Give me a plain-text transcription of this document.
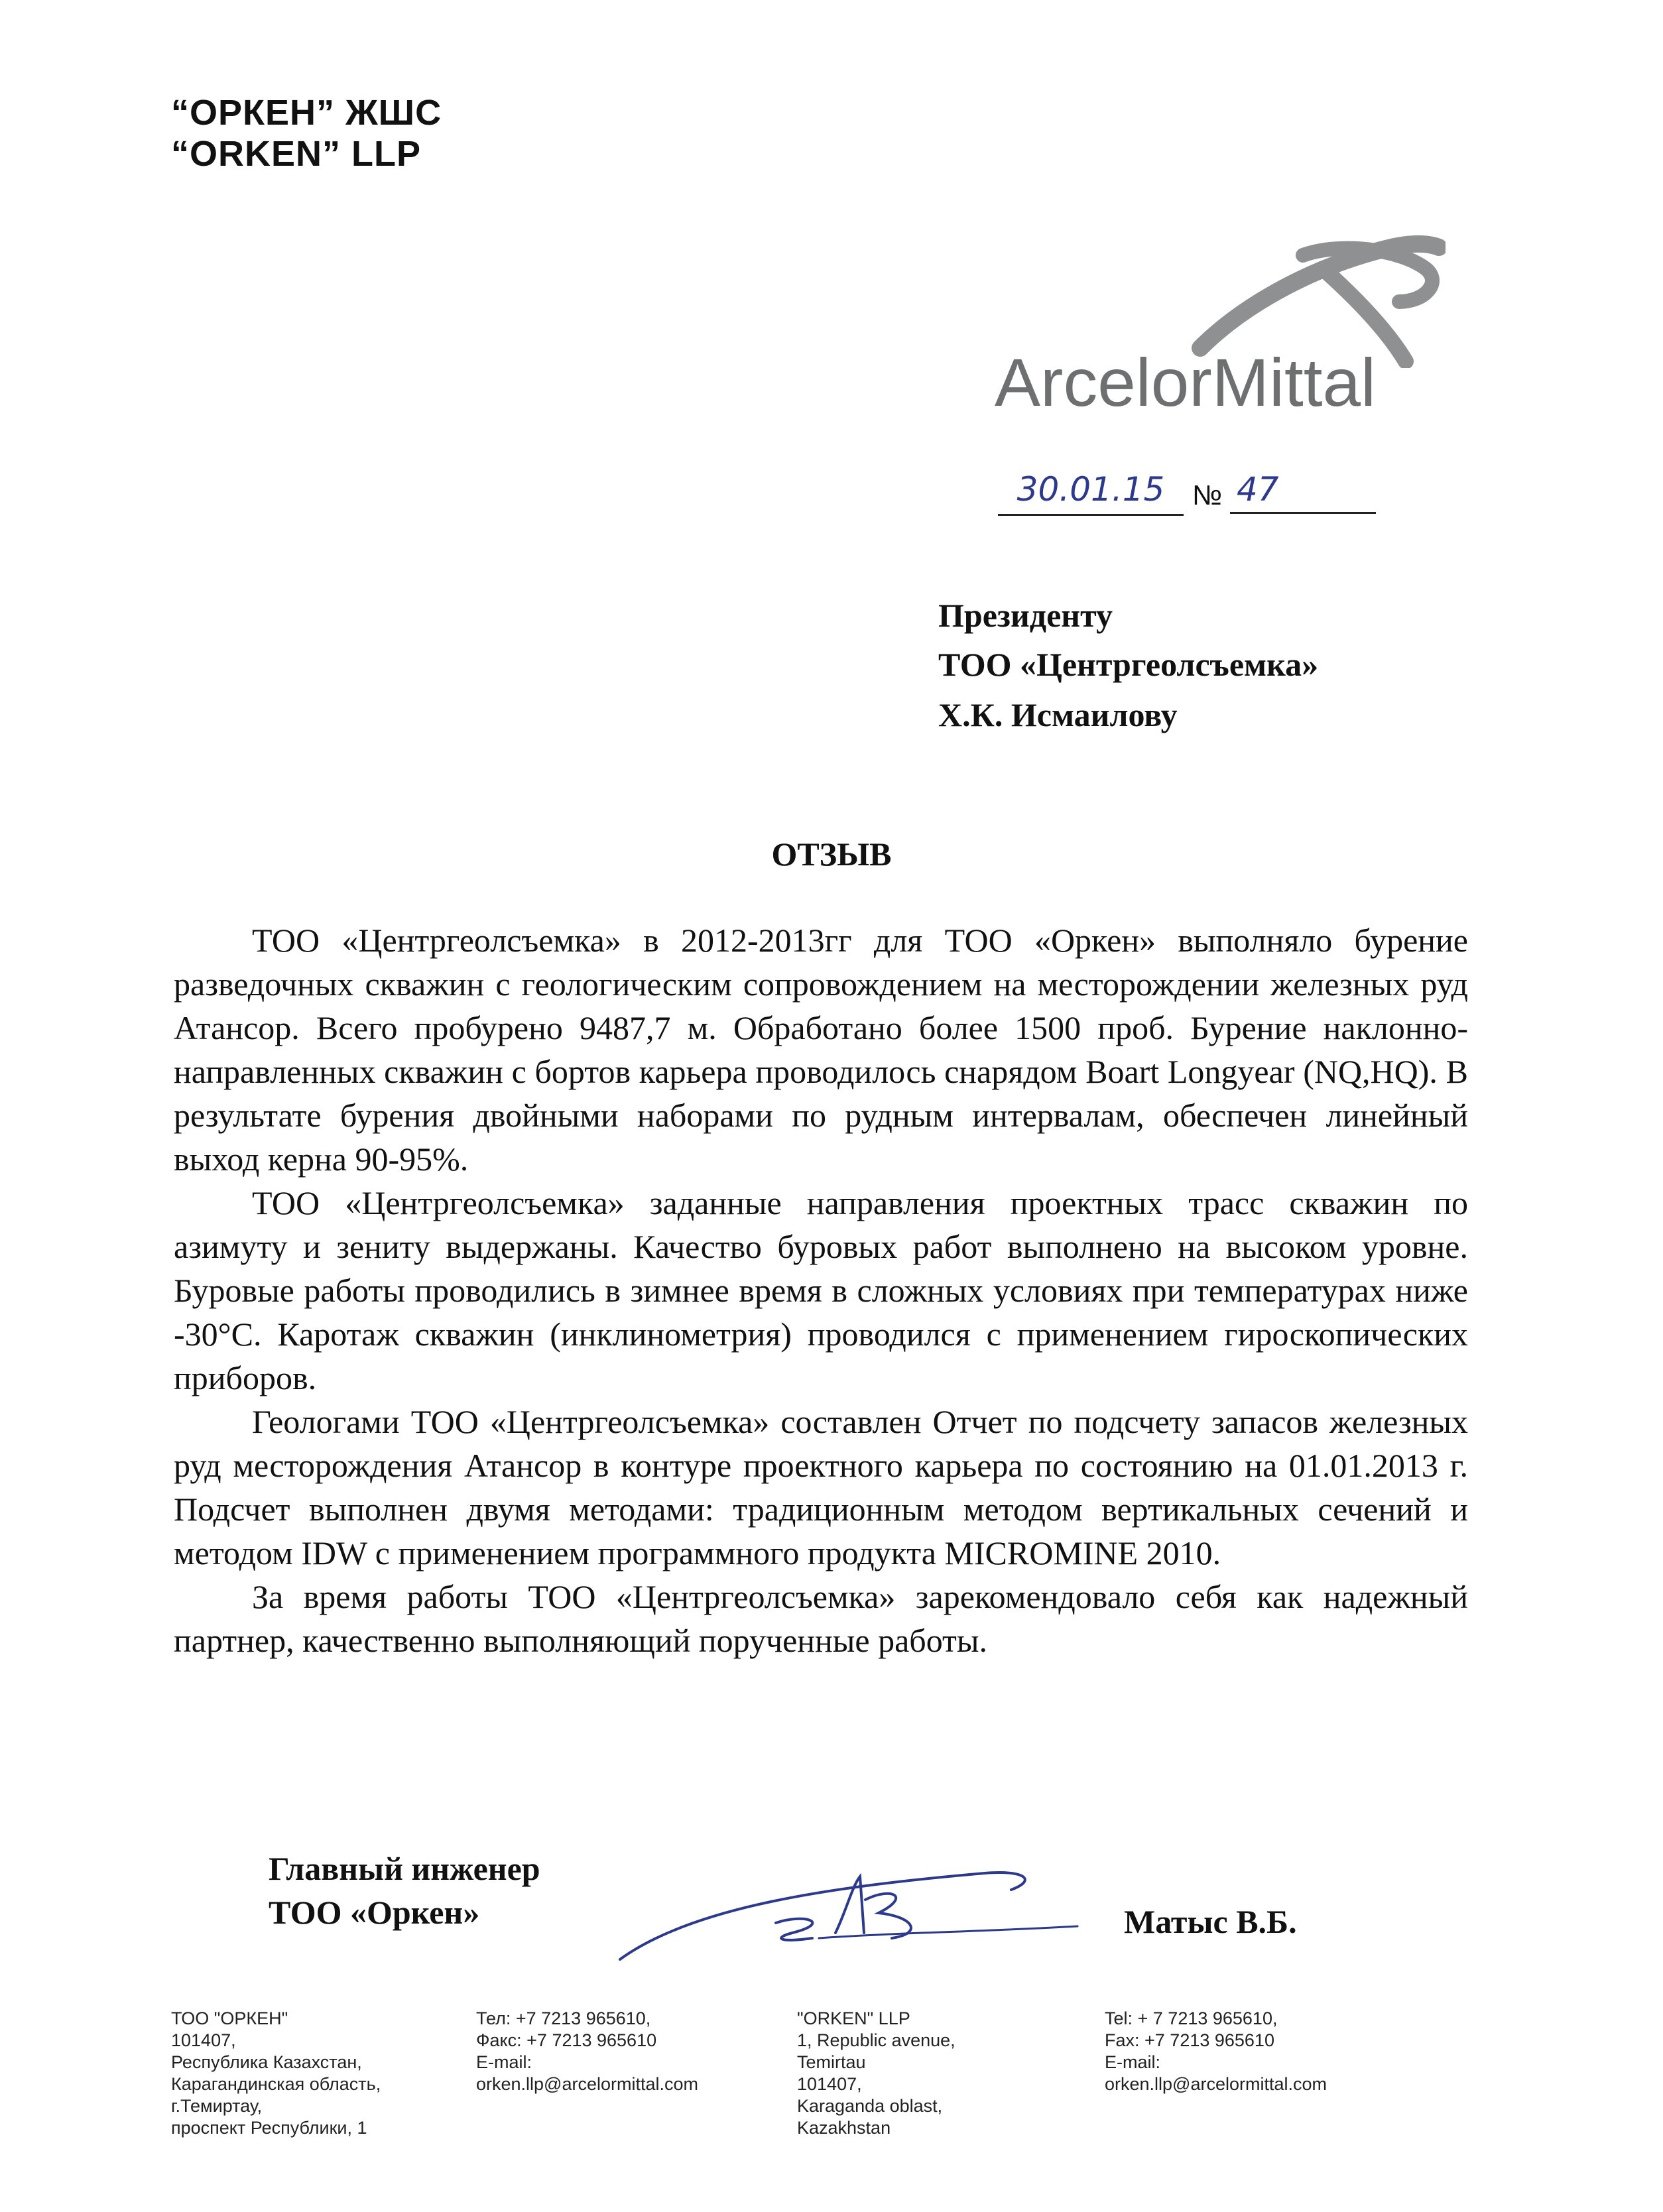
“ОРКЕН” ЖШС
“ORKEN” LLP
ArcelorMittal
30.01.15 № 47
Президенту
ТОО «Центргеолсъемка»
Х.К. Исмаилову
ОТЗЫВ

ТОО «Центргеолсъемка» в 2012-2013гг для ТОО «Оркен» выполняло бурение разведочных скважин с геологическим сопровождением на месторождении железных руд Атансор. Всего пробурено 9487,7 м. Обработано более 1500 проб. Бурение наклонно-направленных скважин с бортов карьера проводилось снарядом Boart Longyear (NQ,HQ). В результате бурения двойными наборами по рудным интервалам, обеспечен линейный выход керна 90-95%.

ТОО «Центргеолсъемка» заданные направления проектных трасс скважин по азимуту и зениту выдержаны. Качество буровых работ выполнено на высоком уровне. Буровые работы проводились в зимнее время в сложных условиях при температурах ниже -30°С. Каротаж скважин (инклинометрия) проводился с применением гироскопических приборов.

Геологами ТОО «Центргеолсъемка» составлен Отчет по подсчету запасов железных руд месторождения Атансор в контуре проектного карьера по состоянию на 01.01.2013 г. Подсчет выполнен двумя методами: традиционным методом вертикальных сечений и методом IDW с применением программного продукта MICROMINE 2010.

За время работы ТОО «Центргеолсъемка» зарекомендовало себя как надежный партнер, качественно выполняющий порученные работы.

Главный инженер
ТОО «Оркен»	Матыс В.Б.
ТОО "ОРКЕН"
101407,
Республика Казахстан,
Карагандинская область,
г.Темиртау,
проспект Республики, 1
Тел: +7 7213 965610,
Факс: +7 7213 965610
E-mail:
orken.llp@arcelormittal.com
"ORKEN" LLP
1, Republic avenue,
Temirtau
101407,
Karaganda oblast,
Kazakhstan
Tel: + 7 7213 965610,
Fax: +7 7213 965610
E-mail:
orken.llp@arcelormittal.com
